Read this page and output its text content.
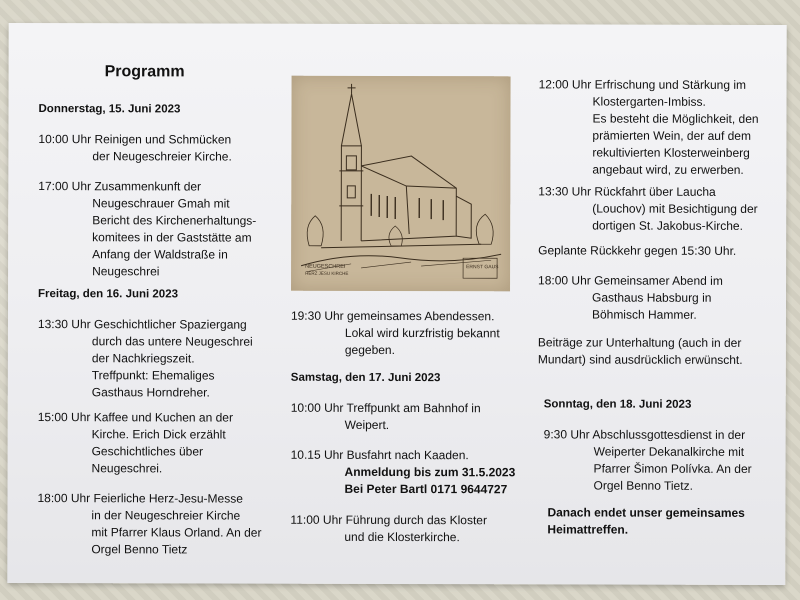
Programm
Donnerstag, 15. Juni 2023
10:00 Uhr Reinigen und Schmücken
der Neugeschreier Kirche.
17:00 Uhr Zusammenkunft der
Neugeschrauer Gmah mit
Bericht des Kirchenerhaltungs-
komitees in der Gaststätte am
Anfang der Waldstraße in
Neugeschrei
Freitag, den 16. Juni 2023
13:30 Uhr Geschichtlicher Spaziergang
durch das untere Neugeschrei
der Nachkriegszeit.
Treffpunkt: Ehemaliges
Gasthaus Horndreher.
15:00 Uhr Kaffee und Kuchen an der
Kirche. Erich Dick erzählt
Geschichtliches über
Neugeschrei.
18:00 Uhr Feierliche Herz-Jesu-Messe
in der Neugeschreier Kirche
mit Pfarrer Klaus Orland. An der
Orgel Benno Tietz
NEUGESCHREI
HERZ JESU KIRCHE
ERNST GAUS
19:30 Uhr gemeinsames Abendessen.
Lokal wird kurzfristig bekannt
gegeben.
Samstag, den 17. Juni 2023
10:00 Uhr Treffpunkt am Bahnhof in
Weipert.
10.15 Uhr Busfahrt nach Kaaden.
Anmeldung bis zum 31.5.2023
Bei Peter Bartl 0171 9644727
11:00 Uhr Führung durch das Kloster
und die Klosterkirche.
12:00 Uhr Erfrischung und Stärkung im
Klostergarten-Imbiss.
Es besteht die Möglichkeit, den
prämierten Wein, der auf dem
rekultivierten Klosterweinberg
angebaut wird, zu erwerben.
13:30 Uhr Rückfahrt über Laucha
(Louchov) mit Besichtigung der
dortigen St. Jakobus-Kirche.
Geplante Rückkehr gegen 15:30 Uhr.
18:00 Uhr Gemeinsamer Abend im
Gasthaus Habsburg in
Böhmisch Hammer.
Beiträge zur Unterhaltung (auch in der
Mundart) sind ausdrücklich erwünscht.
Sonntag, den 18. Juni 2023
9:30 Uhr Abschlussgottesdienst in der
Weiperter Dekanalkirche mit
Pfarrer Šimon Polívka. An der
Orgel Benno Tietz.
Danach endet unser gemeinsames
Heimattreffen.
